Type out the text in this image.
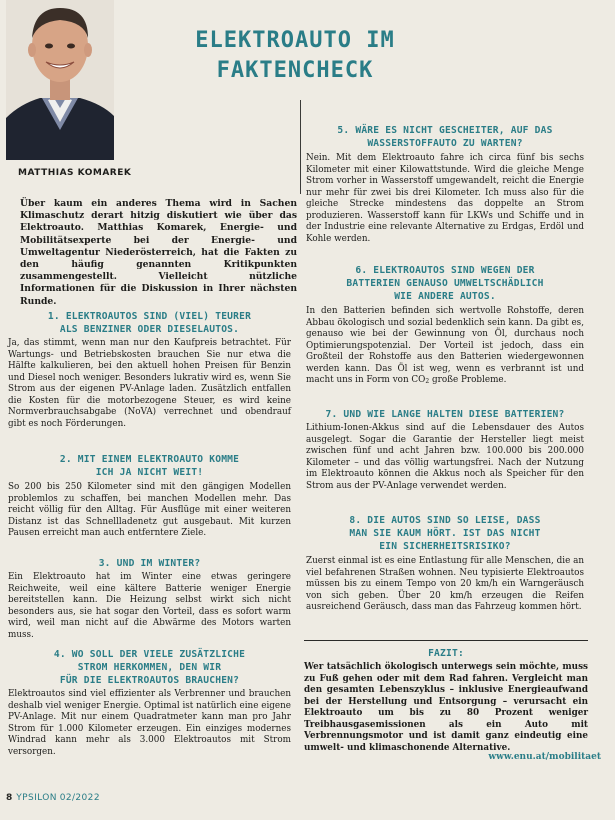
MATTHIAS KOMAREK
ELEKTROAUTO IM
FAKTENCHECK
Über kaum ein anderes Thema wird in Sachen Klimaschutz derart hitzig diskutiert wie über das Elektroauto. Matthias Komarek, Energie- und Mobilitätsexperte bei der Energie- und Umweltagentur Niederösterreich, hat die Fakten zu den häufig genannten Kritikpunkten zusammengestellt. Vielleicht nützliche Informationen für die Diskussion in Ihrer nächsten Runde.
1. ELEKTROAUTOS SIND (VIEL) TEURER
ALS BENZINER ODER DIESELAUTOS.
Ja, das stimmt, wenn man nur den Kaufpreis betrachtet. Für Wartungs- und Betriebskosten brauchen Sie nur etwa die Hälfte kalkulieren, bei den aktuell hohen Preisen für Benzin und Diesel noch weniger. Besonders lukrativ wird es, wenn Sie Strom aus der eigenen PV-Anlage laden. Zusätzlich entfallen die Kosten für die motorbezogene Steuer, es wird keine Normverbrauchsabgabe (NoVA) verrechnet und obendrauf gibt es noch Förderungen.
2. MIT EINEM ELEKTROAUTO KOMME
ICH JA NICHT WEIT!
So 200 bis 250 Kilometer sind mit den gängigen Modellen problemlos zu schaffen, bei manchen Modellen mehr. Das reicht völlig für den Alltag. Für Ausflüge mit einer weiteren Distanz ist das Schnellladenetz gut ausgebaut. Mit kurzen Pausen erreicht man auch entferntere Ziele.
3. UND IM WINTER?
Ein Elektroauto hat im Winter eine etwas geringere Reichweite, weil eine kältere Batterie weniger Energie bereitstellen kann. Die Heizung selbst wirkt sich nicht besonders aus, sie hat sogar den Vorteil, dass es sofort warm wird, weil man nicht auf die Abwärme des Motors warten muss.
4. WO SOLL DER VIELE ZUSÄTZLICHE
STROM HERKOMMEN, DEN WIR
FÜR DIE ELEKTROAUTOS BRAUCHEN?
Elektroautos sind viel effizienter als Verbrenner und brauchen deshalb viel weniger Energie. Optimal ist natürlich eine eigene PV-Anlage. Mit nur einem Quadratmeter kann man pro Jahr Strom für 1.000 Kilometer erzeugen. Ein einziges modernes Windrad kann mehr als 3.000 Elektroautos mit Strom versorgen.
5. WÄRE ES NICHT GESCHEITER, AUF DAS
WASSERSTOFFAUTO ZU WARTEN?
Nein. Mit dem Elektroauto fahre ich circa fünf bis sechs Kilometer mit einer Kilowattstunde. Wird die gleiche Menge Strom vorher in Wasserstoff umgewandelt, reicht die Energie nur mehr für zwei bis drei Kilometer. Ich muss also für die gleiche Strecke mindestens das doppelte an Strom produzieren. Wasserstoff kann für LKWs und Schiffe und in der Industrie eine relevante Alternative zu Erdgas, Erdöl und Kohle werden.
6. ELEKTROAUTOS SIND WEGEN DER
BATTERIEN GENAUSO UMWELTSCHÄDLICH
WIE ANDERE AUTOS.
In den Batterien befinden sich wertvolle Rohstoffe, deren Abbau ökologisch und sozial bedenklich sein kann. Da gibt es, genauso wie bei der Gewinnung von Öl, durchaus noch Optimierungspotenzial. Der Vorteil ist jedoch, dass ein Großteil der Rohstoffe aus den Batterien wiedergewonnen werden kann. Das Öl ist weg, wenn es verbrannt ist und macht uns in Form von CO2 große Probleme.
7. UND WIE LANGE HALTEN DIESE BATTERIEN?
Lithium-Ionen-Akkus sind auf die Lebensdauer des Autos ausgelegt. Sogar die Garantie der Hersteller liegt meist zwischen fünf und acht Jahren bzw. 100.000 bis 200.000 Kilometer – und das völlig wartungsfrei. Nach der Nutzung im Elektroauto können die Akkus noch als Speicher für den Strom aus der PV-Anlage verwendet werden.
8. DIE AUTOS SIND SO LEISE, DASS
MAN SIE KAUM HÖRT. IST DAS NICHT
EIN SICHERHEITSRISIKO?
Zuerst einmal ist es eine Entlastung für alle Menschen, die an viel befahrenen Straßen wohnen. Neu typisierte Elektroautos müssen bis zu einem Tempo von 20 km/h ein Warngeräusch von sich geben. Über 20 km/h erzeugen die Reifen ausreichend Geräusch, dass man das Fahrzeug kommen hört.
FAZIT:
Wer tatsächlich ökologisch unterwegs sein möchte, muss zu Fuß gehen oder mit dem Rad fahren. Vergleicht man den gesamten Lebenszyklus – inklusive Energieaufwand bei der Herstellung und Entsorgung – verursacht ein Elektroauto um bis zu 80 Prozent weniger Treibhausgasemissionen als ein Auto mit Verbrennungsmotor und ist damit ganz eindeutig eine umwelt- und klimaschonende Alternative.
www.enu.at/mobilitaet
8 YPSILON 02/2022
